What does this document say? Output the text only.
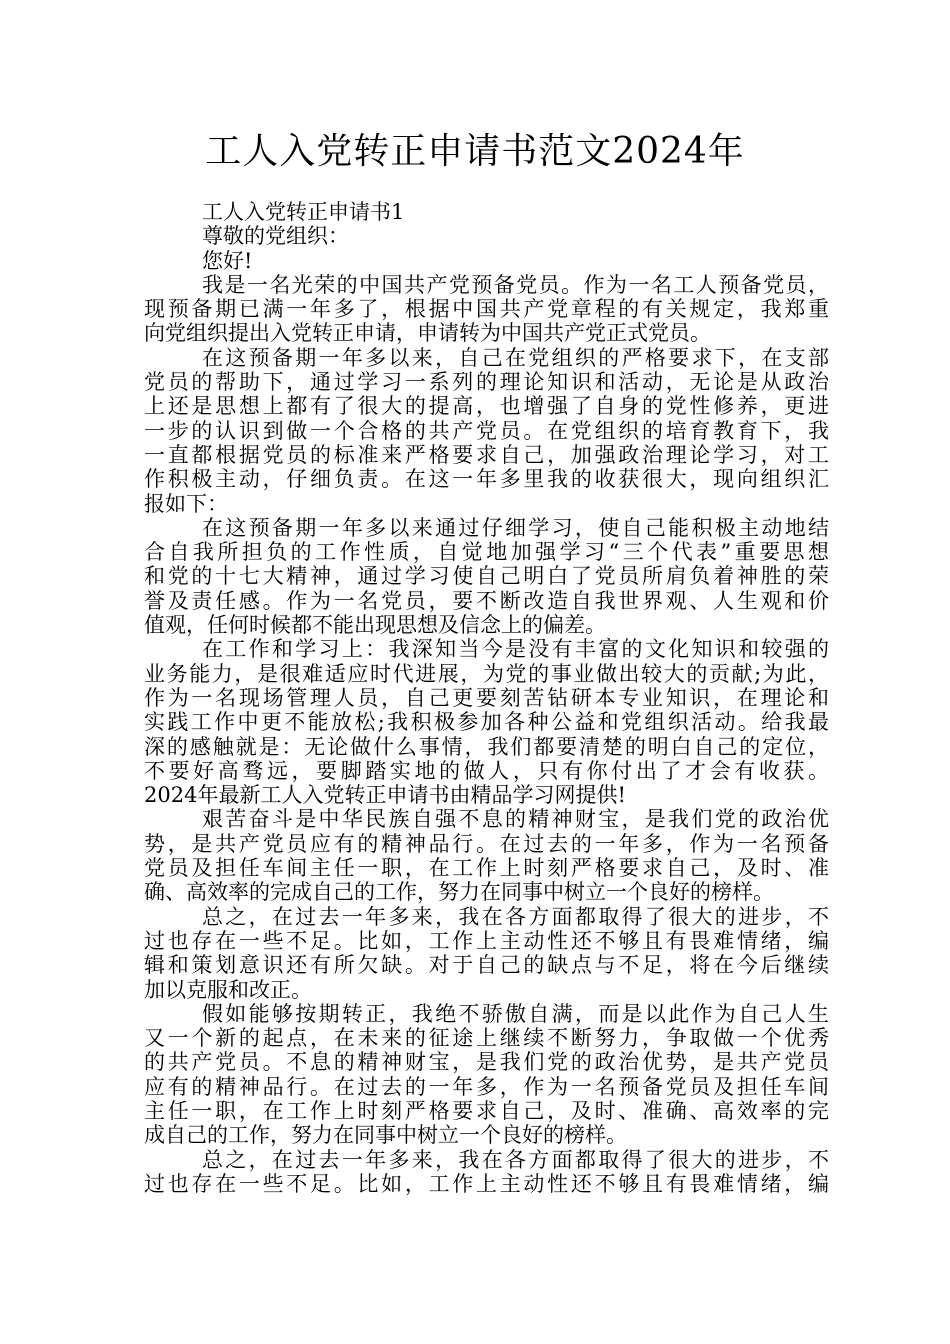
工人入党转正申请书范文2024年
工人入党转正申请书1
尊敬的党组织：
您好!
我是一名光荣的中国共产党预备党员。作为一名工人预备党员，
现预备期已满一年多了，根据中国共产党章程的有关规定，我郑重
向党组织提出入党转正申请，申请转为中国共产党正式党员。
在这预备期一年多以来，自己在党组织的严格要求下，在支部
党员的帮助下，通过学习一系列的理论知识和活动，无论是从政治
上还是思想上都有了很大的提高，也增强了自身的党性修养，更进
一步的认识到做一个合格的共产党员。在党组织的培育教育下，我
一直都根据党员的标准来严格要求自己，加强政治理论学习，对工
作积极主动，仔细负责。在这一年多里我的收获很大，现向组织汇
报如下：
在这预备期一年多以来通过仔细学习，使自己能积极主动地结
合自我所担负的工作性质，自觉地加强学习“三个代表”重要思想
和党的十七大精神，通过学习使自己明白了党员所肩负着神胜的荣
誉及责任感。作为一名党员，要不断改造自我世界观、人生观和价
值观，任何时候都不能出现思想及信念上的偏差。
在工作和学习上：我深知当今是没有丰富的文化知识和较强的
业务能力，是很难适应时代进展，为党的事业做出较大的贡献;为此，
作为一名现场管理人员，自己更要刻苦钻研本专业知识，在理论和
实践工作中更不能放松;我积极参加各种公益和党组织活动。给我最
深的感触就是：无论做什么事情，我们都要清楚的明白自己的定位，
不要好高骛远，要脚踏实地的做人，只有你付出了才会有收获。
2024年最新工人入党转正申请书由精品学习网提供!
艰苦奋斗是中华民族自强不息的精神财宝，是我们党的政治优
势，是共产党员应有的精神品行。在过去的一年多，作为一名预备
党员及担任车间主任一职，在工作上时刻严格要求自己，及时、准
确、高效率的完成自己的工作，努力在同事中树立一个良好的榜样。
总之，在过去一年多来，我在各方面都取得了很大的进步，不
过也存在一些不足。比如，工作上主动性还不够且有畏难情绪，编
辑和策划意识还有所欠缺。对于自己的缺点与不足，将在今后继续
加以克服和改正。
假如能够按期转正，我绝不骄傲自满，而是以此作为自己人生
又一个新的起点，在未来的征途上继续不断努力，争取做一个优秀
的共产党员。不息的精神财宝，是我们党的政治优势，是共产党员
应有的精神品行。在过去的一年多，作为一名预备党员及担任车间
主任一职，在工作上时刻严格要求自己，及时、准确、高效率的完
成自己的工作，努力在同事中树立一个良好的榜样。
总之，在过去一年多来，我在各方面都取得了很大的进步，不
过也存在一些不足。比如，工作上主动性还不够且有畏难情绪，编
